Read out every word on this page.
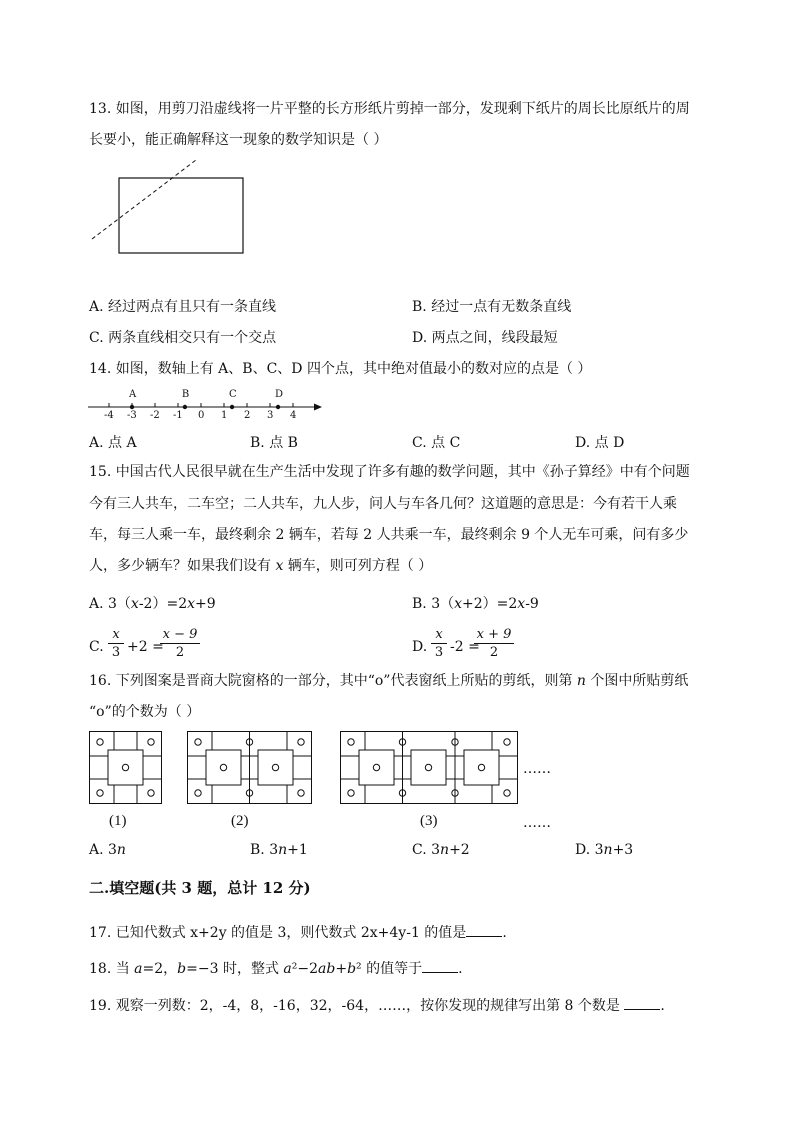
13. 如图，用剪刀沿虚线将一片平整的长方形纸片剪掉一部分，发现剩下纸片的周长比原纸片的周
长要小，能正确解释这一现象的数学知识是（ ）
A. 经过两点有且只有一条直线	B. 经过一点有无数条直线
C. 两条直线相交只有一个交点	D. 两点之间，线段最短
14. 如图，数轴上有 A、B、C、D 四个点，其中绝对值最小的数对应的点是（ ）
-4 -3 -2 -1 0 1 2 3 4
A	B	C	D
A. 点 A	B. 点 B	C. 点 C	D. 点 D
15. 中国古代人民很早就在生产生活中发现了许多有趣的数学问题，其中《孙子算经》中有个问题
今有三人共车，二车空；二人共车，九人步，问人与车各几何？这道题的意思是：今有若干人乘
车，每三人乘一车，最终剩余 2 辆车，若每 2 人共乘一车，最终剩余 9 个人无车可乘，问有多少
人，多少辆车？如果我们设有 x 辆车，则可列方程（ ）
A. 3（x-2）=2x+9	B. 3（x+2）=2x-9
C.
x
3 +2 =
x − 9
2	D.
x
3 -2 =
x + 9
2
16. 下列图案是晋商大院窗格的一部分，其中“o”代表窗纸上所贴的剪纸，则第 n 个图中所贴剪纸
“o”的个数为（ ）
……
……
(1)	(2)	(3)
A. 3n	B. 3n+1	C. 3n+2	D. 3n+3
二.填空题(共 3 题，总计 12 分)
17. 已知代数式 x+2y 的值是 3，则代数式 2x+4y-1 的值是	.
18. 当 a=2，b=−3 时，整式 a²−2ab+b² 的值等于	.
19. 观察一列数：2，-4，8，-16，32，-64，……，按你发现的规律写出第 8 个数是	.
